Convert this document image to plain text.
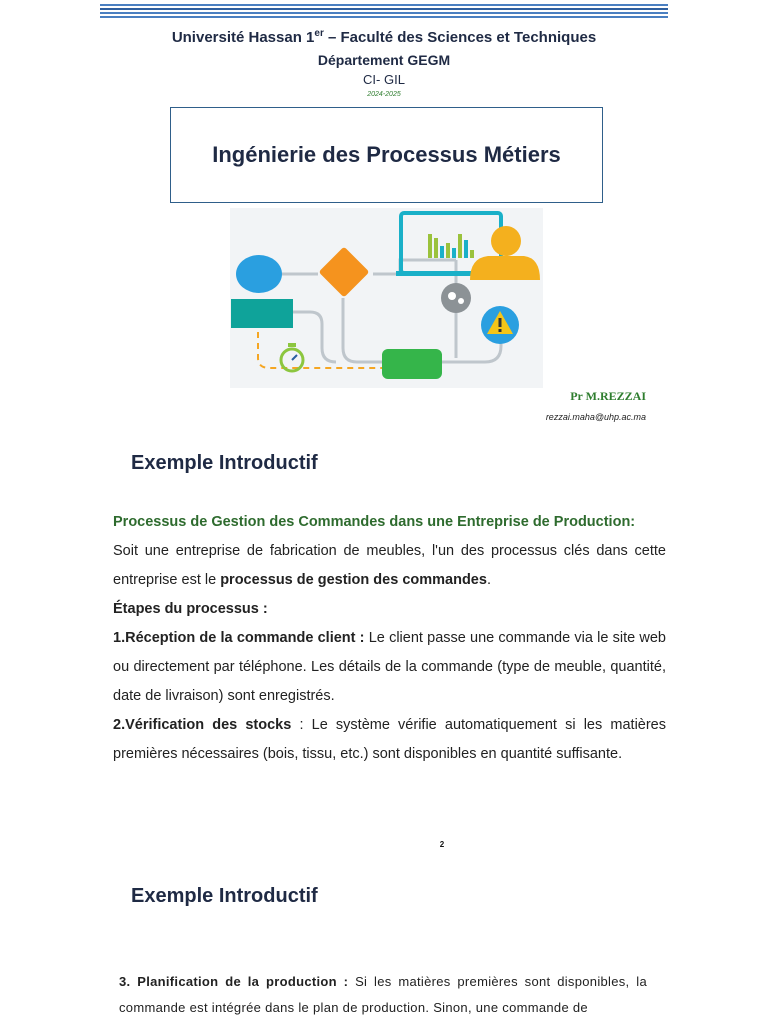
Université Hassan 1er – Faculté des Sciences et Techniques
Département GEGM
CI- GIL
2024-2025
Ingénierie des Processus Métiers
Pr M.REZZAI
rezzai.maha@uhp.ac.ma
Exemple Introductif
Processus de Gestion des Commandes dans une Entreprise de Production:
Soit une entreprise de fabrication de meubles, l'un des processus clés dans cette entreprise est le processus de gestion des commandes.
Étapes du processus :
1.Réception de la commande client : Le client passe une commande via le site web ou directement par téléphone. Les détails de la commande (type de meuble, quantité, date de livraison) sont enregistrés.
2.Vérification des stocks : Le système vérifie automatiquement si les matières premières nécessaires (bois, tissu, etc.) sont disponibles en quantité suffisante.
2
Exemple Introductif
3. Planification de la production : Si les matières premières sont disponibles, la commande est intégrée dans le plan de production. Sinon, une commande de
